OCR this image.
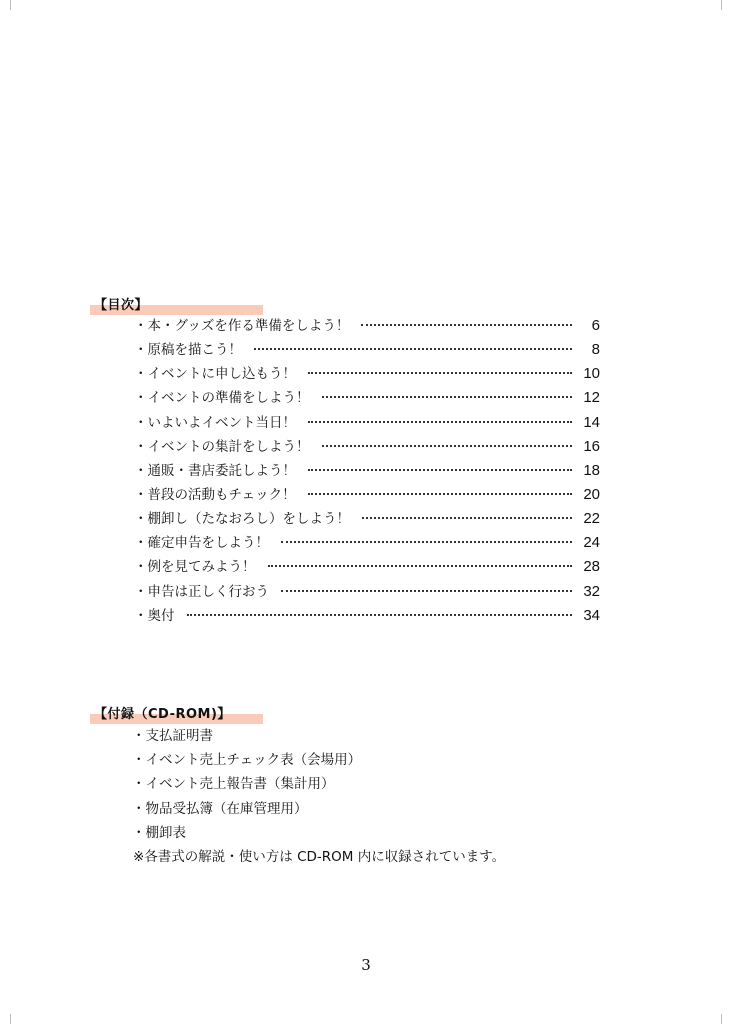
【目次】
・本・グッズを作る準備をしよう！	6
・原稿を描こう！	8
・イベントに申し込もう！	10
・イベントの準備をしよう！	12
・いよいよイベント当日！	14
・イベントの集計をしよう！	16
・通販・書店委託しよう！	18
・普段の活動もチェック！	20
・棚卸し（たなおろし）をしよう！	22
・確定申告をしよう！	24
・例を見てみよう！	28
・申告は正しく行おう	32
・奥付	34
【付録（CD-ROM)】
・支払証明書
・イベント売上チェック表（会場用）
・イベント売上報告書（集計用）
・物品受払簿（在庫管理用）
・棚卸表
※各書式の解説・使い方は CD-ROM 内に収録されています。
3
